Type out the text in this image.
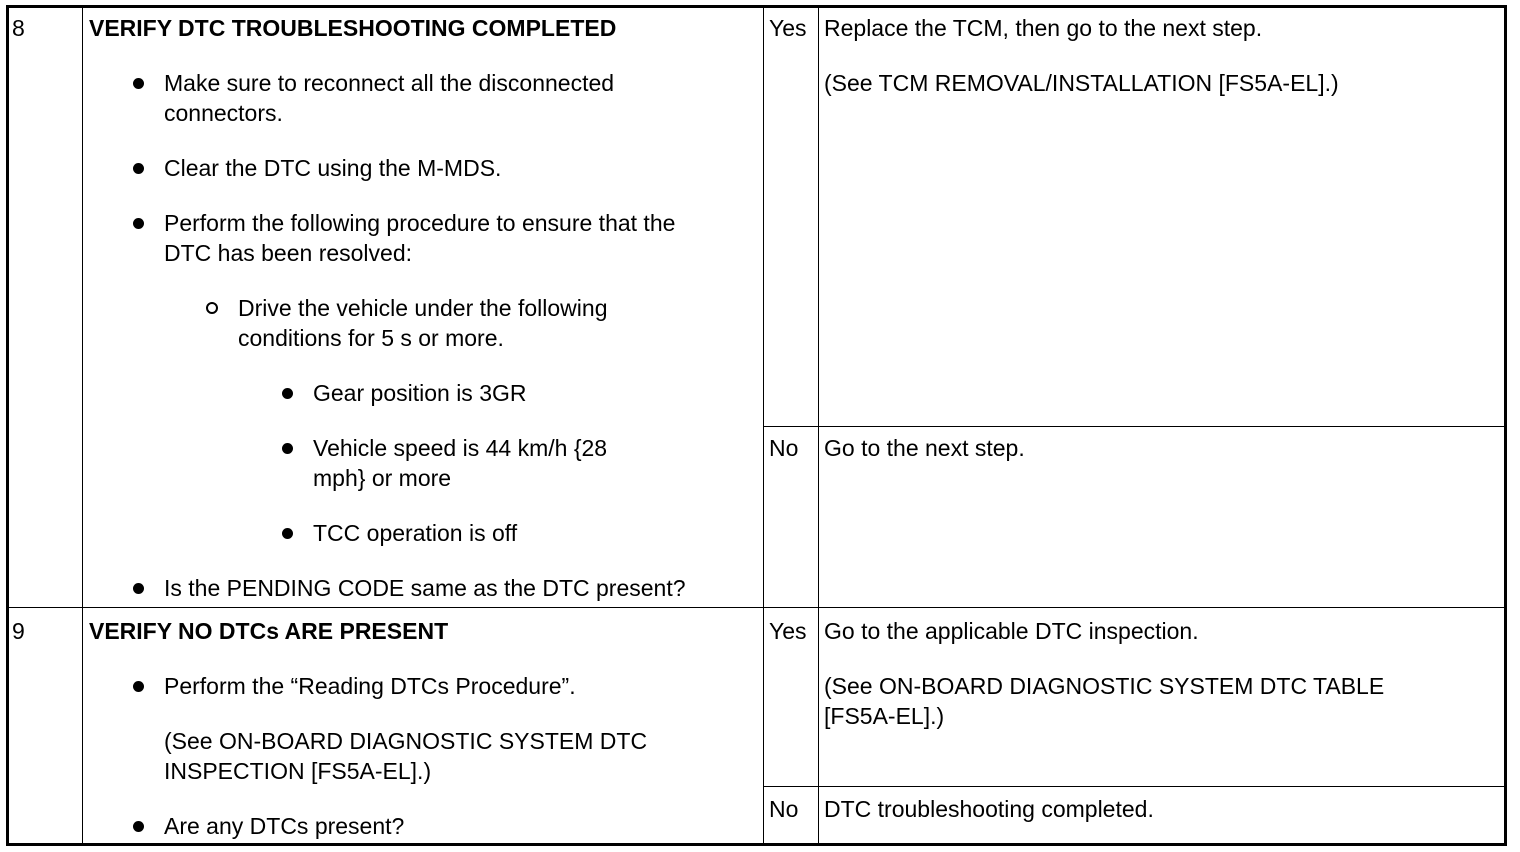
8	VERIFY DTC TROUBLESHOOTING COMPLETED
Make sure to reconnect all the disconnected
connectors.
Clear the DTC using the M-MDS.
Perform the following procedure to ensure that the
DTC has been resolved:
Drive the vehicle under the following
conditions for 5 s or more.
Gear position is 3GR
Vehicle speed is 44 km/h {28
mph} or more
TCC operation is off
Is the PENDING CODE same as the DTC present?
Yes Replace the TCM, then go to the next step.
(See TCM REMOVAL/INSTALLATION [FS5A-EL].)
No Go to the next step.
9	VERIFY NO DTCs ARE PRESENT
Perform the “Reading DTCs Procedure”.
(See ON-BOARD DIAGNOSTIC SYSTEM DTC
INSPECTION [FS5A-EL].)
Are any DTCs present?
Yes Go to the applicable DTC inspection.
(See ON-BOARD DIAGNOSTIC SYSTEM DTC TABLE
[FS5A-EL].)
No DTC troubleshooting completed.
